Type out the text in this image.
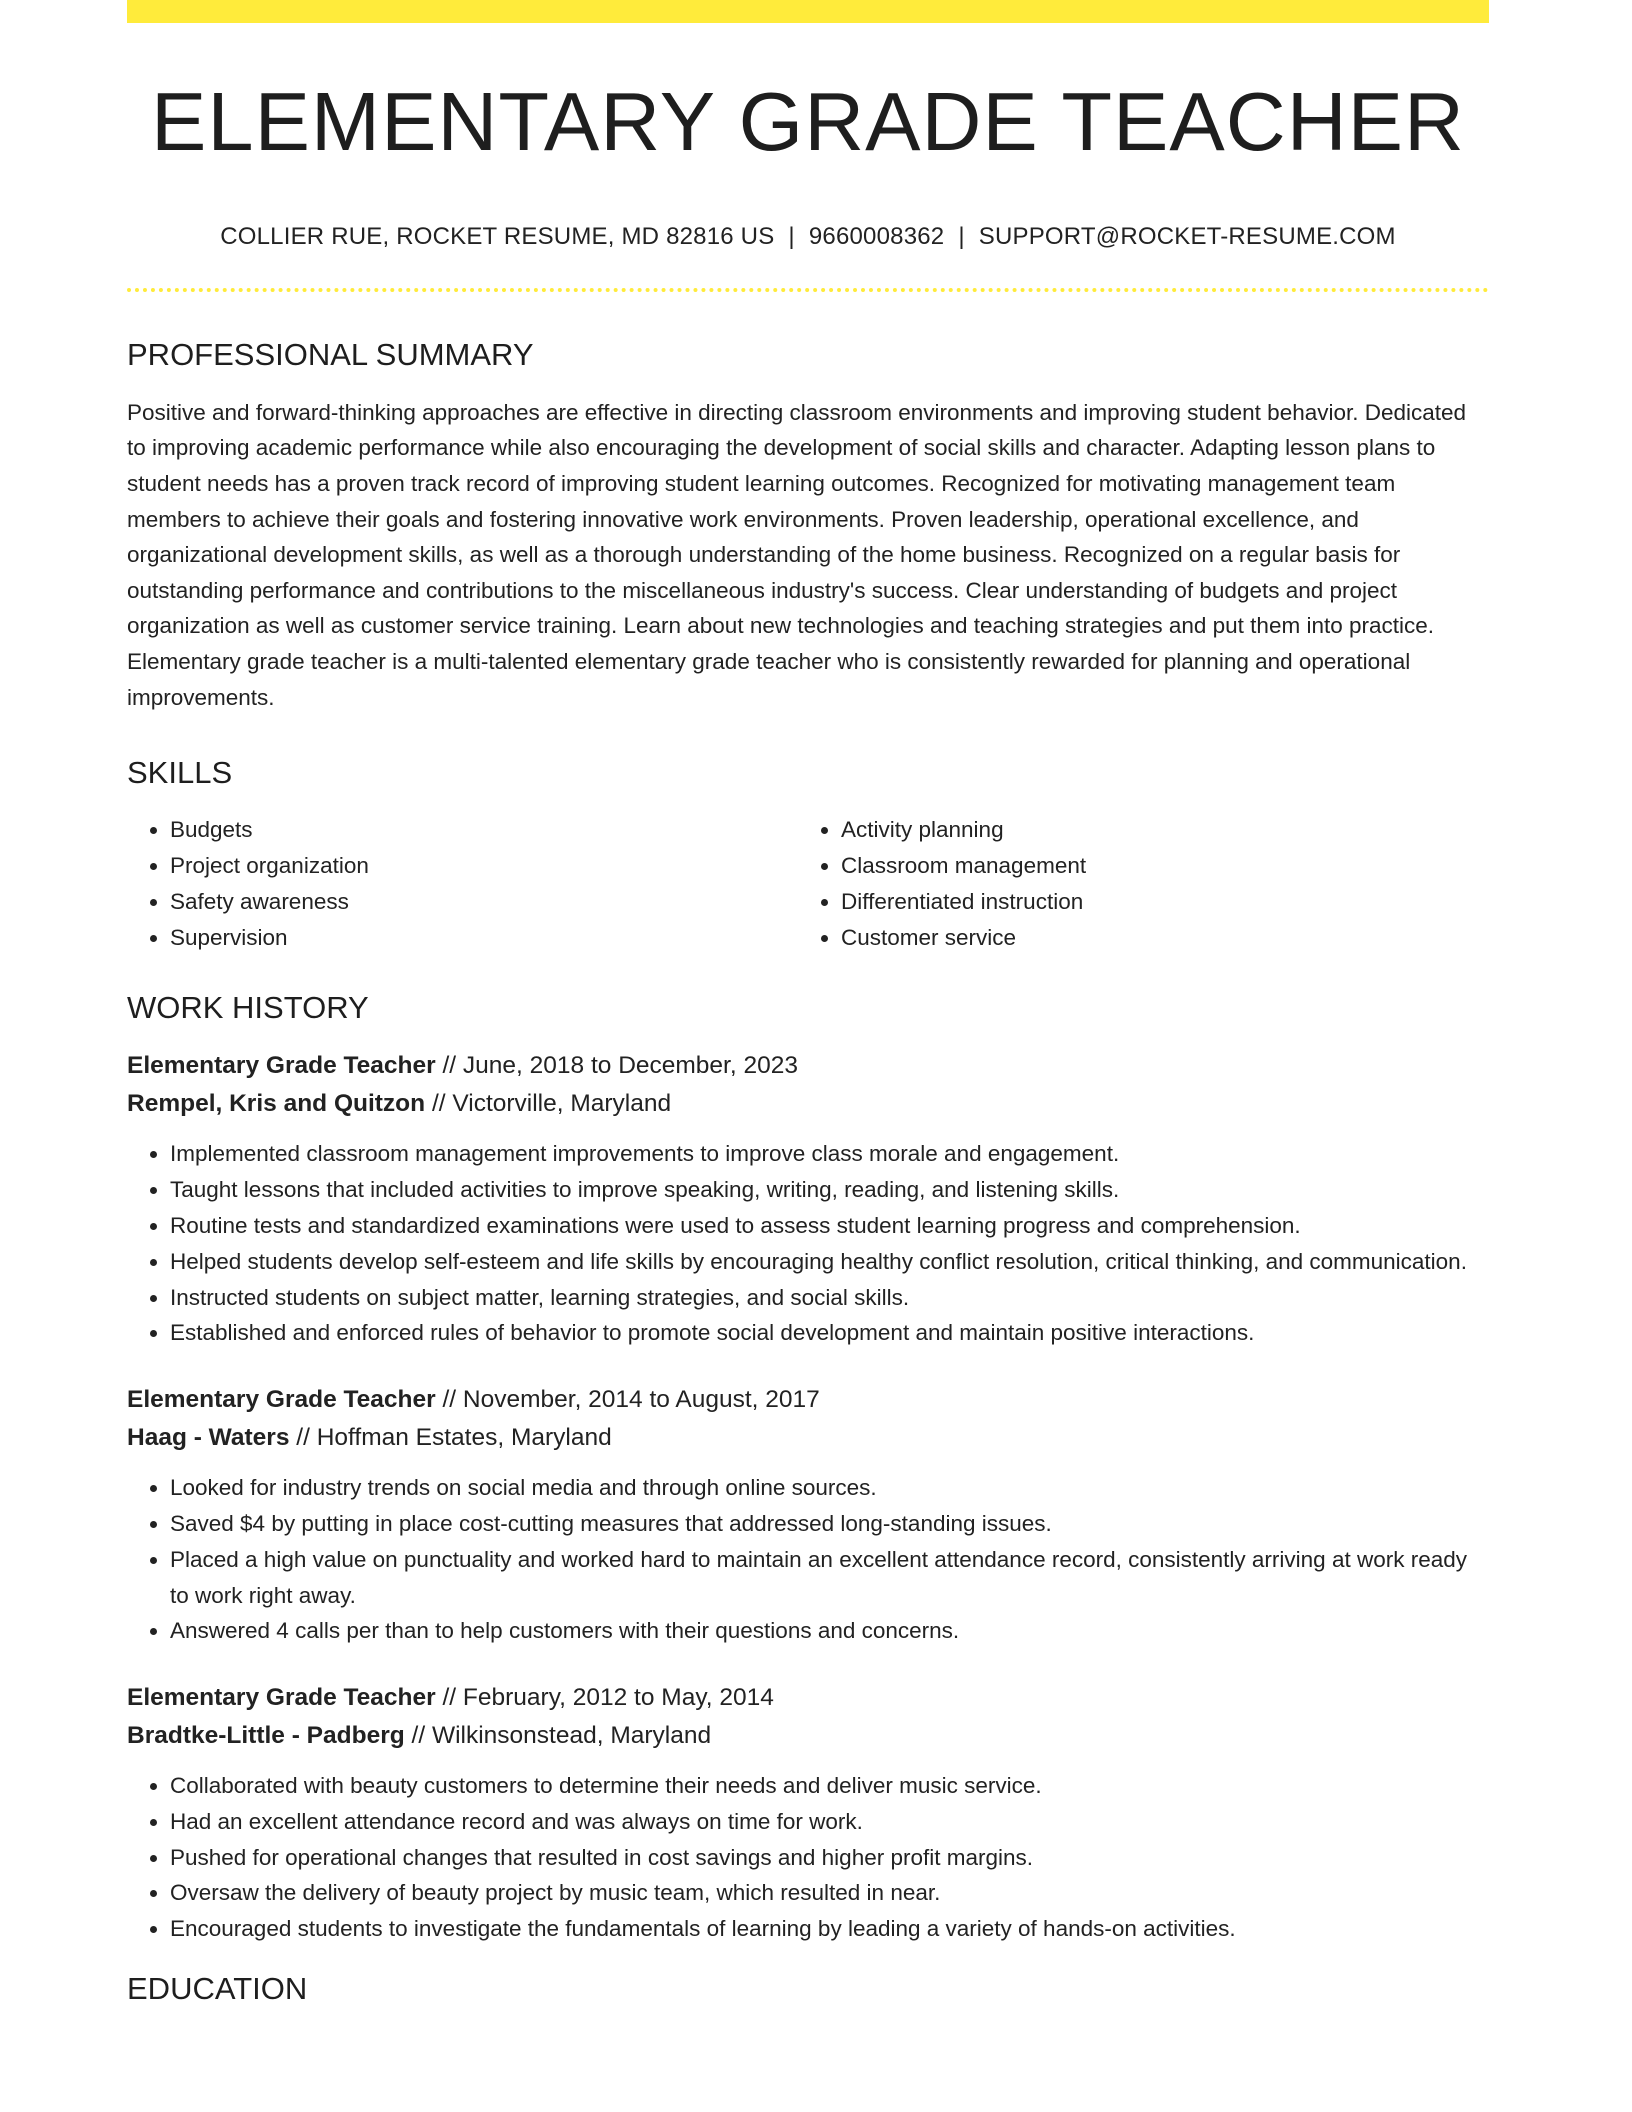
ELEMENTARY GRADE TEACHER
COLLIER RUE, ROCKET RESUME, MD 82816 US | 9660008362 | SUPPORT@ROCKET-RESUME.COM
PROFESSIONAL SUMMARY
Positive and forward-thinking approaches are effective in directing classroom environments and improving student behavior. Dedicated to improving academic performance while also encouraging the development of social skills and character. Adapting lesson plans to student needs has a proven track record of improving student learning outcomes. Recognized for motivating management team members to achieve their goals and fostering innovative work environments. Proven leadership, operational excellence, and organizational development skills, as well as a thorough understanding of the home business. Recognized on a regular basis for outstanding performance and contributions to the miscellaneous industry's success. Clear understanding of budgets and project organization as well as customer service training. Learn about new technologies and teaching strategies and put them into practice. Elementary grade teacher is a multi-talented elementary grade teacher who is consistently rewarded for planning and operational improvements.
SKILLS
• Budgets
• Project organization
• Safety awareness
• Supervision
• Activity planning
• Classroom management
• Differentiated instruction
• Customer service
WORK HISTORY
Elementary Grade Teacher // June, 2018 to December, 2023
Rempel, Kris and Quitzon // Victorville, Maryland
• Implemented classroom management improvements to improve class morale and engagement.
• Taught lessons that included activities to improve speaking, writing, reading, and listening skills.
• Routine tests and standardized examinations were used to assess student learning progress and comprehension.
• Helped students develop self-esteem and life skills by encouraging healthy conflict resolution, critical thinking, and communication.
• Instructed students on subject matter, learning strategies, and social skills.
• Established and enforced rules of behavior to promote social development and maintain positive interactions.
Elementary Grade Teacher // November, 2014 to August, 2017
Haag - Waters // Hoffman Estates, Maryland
• Looked for industry trends on social media and through online sources.
• Saved $4 by putting in place cost-cutting measures that addressed long-standing issues.
• Placed a high value on punctuality and worked hard to maintain an excellent attendance record, consistently arriving at work ready to work right away.
• Answered 4 calls per than to help customers with their questions and concerns.
Elementary Grade Teacher // February, 2012 to May, 2014
Bradtke-Little - Padberg // Wilkinsonstead, Maryland
• Collaborated with beauty customers to determine their needs and deliver music service.
• Had an excellent attendance record and was always on time for work.
• Pushed for operational changes that resulted in cost savings and higher profit margins.
• Oversaw the delivery of beauty project by music team, which resulted in near.
• Encouraged students to investigate the fundamentals of learning by leading a variety of hands-on activities.
EDUCATION
